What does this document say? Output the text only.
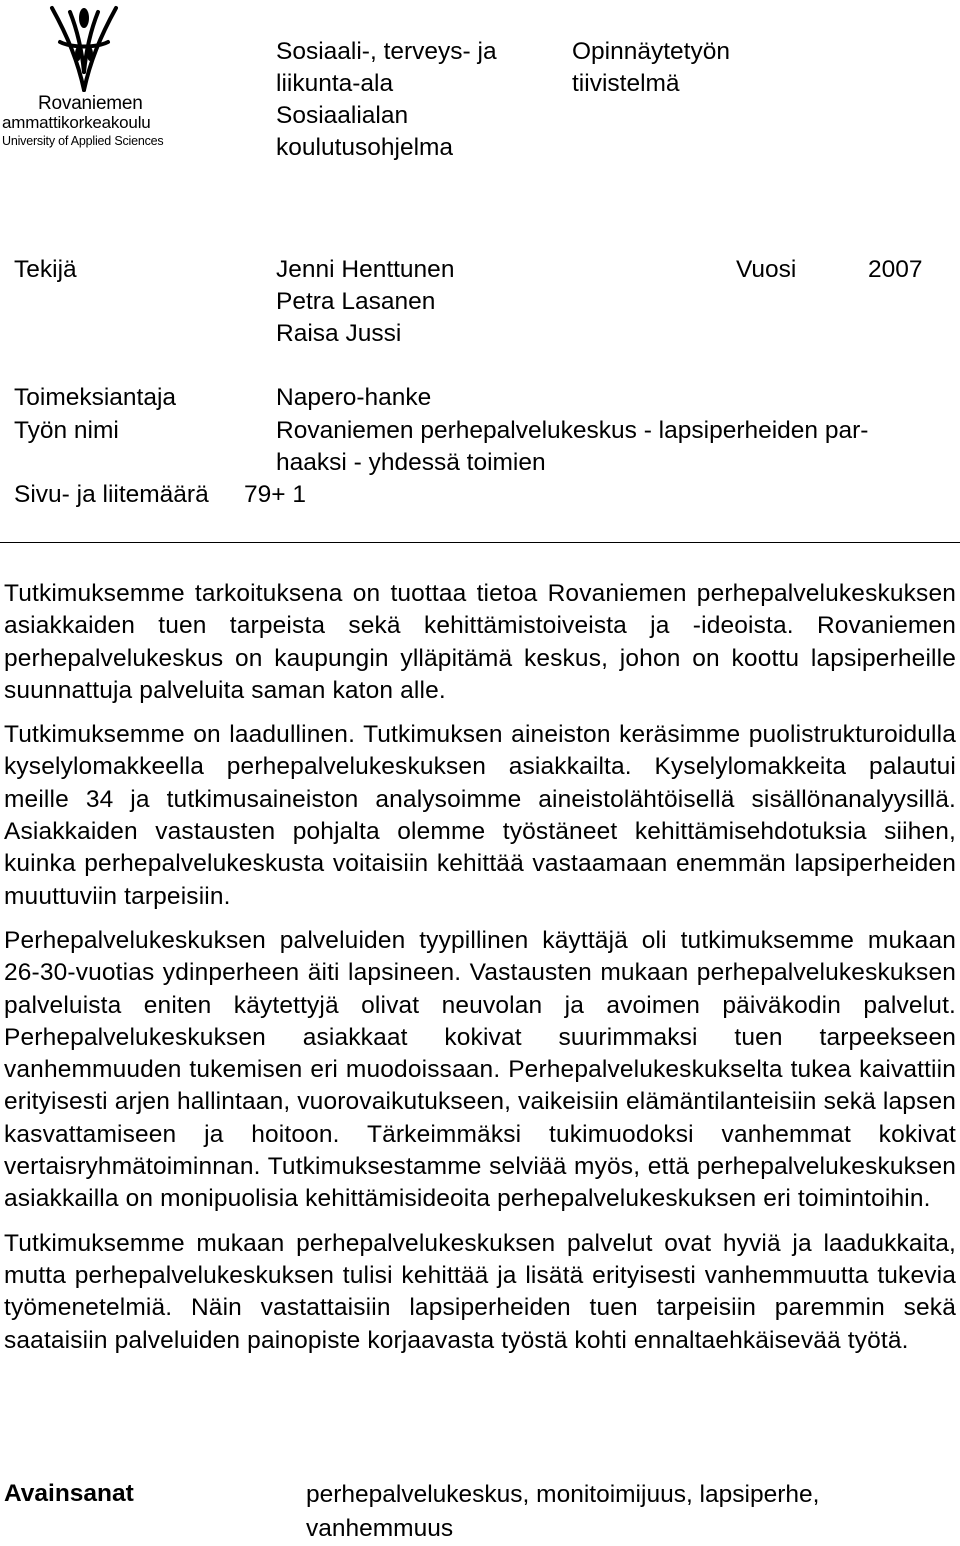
Rovaniemen
ammattikorkeakoulu
University of Applied Sciences
Sosiaali-, terveys- ja
liikunta-ala
Sosiaalialan
koulutusohjelma
Opinnäytetyön
tiivistelmä
Tekijä	Jenni Henttunen
Petra Lasanen
Raisa Jussi
Vuosi	2007
Toimeksiantaja	Napero-hanke
Työn nimi	Rovaniemen perhepalvelukeskus - lapsiperheiden par-
haaksi - yhdessä toimien
Sivu- ja liitemäärä 79+ 1

Tutkimuksemme tarkoituksena on tuottaa tietoa Rovaniemen perhepalvelukeskuksen asiakkaiden tuen tarpeista sekä kehittämistoiveista ja -ideoista. Rovaniemen perhepalvelukeskus on kaupungin ylläpitämä keskus, johon on koottu lapsiperheille suunnattuja palveluita saman katon alle.

Tutkimuksemme on laadullinen. Tutkimuksen aineiston keräsimme puolistrukturoidulla kyselylomakkeella perhepalvelukeskuksen asiakkailta. Kyselylomakkeita palautui meille 34 ja tutkimusaineiston analysoimme aineistolähtöisellä sisällönanalyysillä. Asiakkaiden vastausten pohjalta olemme työstäneet kehittämisehdotuksia siihen, kuinka perhepalvelukeskusta voitaisiin kehittää vastaamaan enemmän lapsiperheiden muuttuviin tarpeisiin.

Perhepalvelukeskuksen palveluiden tyypillinen käyttäjä oli tutkimuksemme mukaan 26-30-vuotias ydinperheen äiti lapsineen. Vastausten mukaan perhepalvelukeskuksen palveluista eniten käytettyjä olivat neuvolan ja avoimen päiväkodin palvelut. Perhepalvelukeskuksen asiakkaat kokivat suurimmaksi tuen tarpeekseen vanhemmuuden tukemisen eri muodoissaan. Perhepalvelukeskukselta tukea kaivattiin erityisesti arjen hallintaan, vuorovaikutukseen, vaikeisiin elämäntilanteisiin sekä lapsen kasvattamiseen ja hoitoon. Tärkeimmäksi tukimuodoksi vanhemmat kokivat vertaisryhmätoiminnan. Tutkimuksestamme selviää myös, että perhepalvelukeskuksen asiakkailla on monipuolisia kehittämisideoita perhepalvelukeskuksen eri toimintoihin.

Tutkimuksemme mukaan perhepalvelukeskuksen palvelut ovat hyviä ja laadukkaita, mutta perhepalvelukeskuksen tulisi kehittää ja lisätä erityisesti vanhemmuutta tukevia työmenetelmiä. Näin vastattaisiin lapsiperheiden tuen tarpeisiin paremmin sekä saataisiin palveluiden painopiste korjaavasta työstä kohti ennaltaehkäisevää työtä.

Avainsanat	perhepalvelukeskus, monitoimijuus, lapsiperhe, vanhemmuus
